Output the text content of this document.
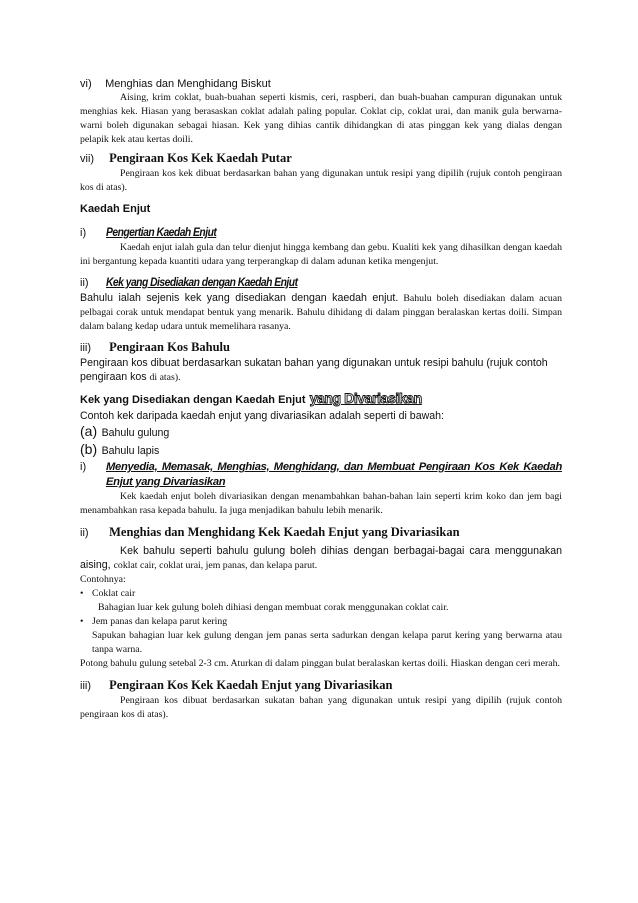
vi) Menghias dan Menghidang Biskut

Aising, krim coklat, buah-buahan seperti kismis, ceri, raspberi, dan buah-buahan campuran digunakan untuk menghias kek. Hiasan yang berasaskan coklat adalah paling popular. Coklat cip, coklat urai, dan manik gula berwarna-warni boleh digunakan sebagai hiasan. Kek yang dihias cantik dihidangkan di atas pinggan kek yang dialas dengan pelapik kek atau kertas doili.

vii) Pengiraan Kos Kek Kaedah Putar

Pengiraan kos kek dibuat berdasarkan bahan yang digunakan untuk resipi yang dipilih (rujuk contoh pengiraan kos di atas).

Kaedah Enjut
i) Pengertian Kaedah Enjut

Kaedah enjut ialah gula dan telur dienjut hingga kembang dan gebu. Kualiti kek yang dihasilkan dengan kaedah ini bergantung kepada kuantiti udara yang terperangkap di dalam adunan ketika mengenjut.

ii) Kek yang Disediakan dengan Kaedah Enjut

Bahulu ialah sejenis kek yang disediakan dengan kaedah enjut. Bahulu boleh disediakan dalam acuan pelbagai corak untuk mendapat bentuk yang menarik. Bahulu dihidang di dalam pinggan beralaskan kertas doili. Simpan dalam balang kedap udara untuk memelihara rasanya.

iii) Pengiraan Kos Bahulu

Pengiraan kos dibuat berdasarkan sukatan bahan yang digunakan untuk resipi bahulu (rujuk contoh pengiraan kos di atas).

Kek yang Disediakan dengan Kaedah Enjut yang Divariasikan
Contoh kek daripada kaedah enjut yang divariasikan adalah seperti di bawah:
(a) Bahulu gulung
(b) Bahulu lapis
i) Menyedia, Memasak, Menghias, Menghidang, dan Membuat Pengiraan Kos Kek Kaedah Enjut yang Divariasikan

Kek kaedah enjut boleh divariasikan dengan menambahkan bahan-bahan lain seperti krim koko dan jem bagi menambahkan rasa kepada bahulu. Ia juga menjadikan bahulu lebih menarik.

ii) Menghias dan Menghidang Kek Kaedah Enjut yang Divariasikan

Kek bahulu seperti bahulu gulung boleh dihias dengan berbagai-bagai cara menggunakan aising, coklat cair, coklat urai, jem panas, dan kelapa parut.

Contohnya:
• Coklat cair
Bahagian luar kek gulung boleh dihiasi dengan membuat corak menggunakan coklat cair.
• Jem panas dan kelapa parut kering
Sapukan bahagian luar kek gulung dengan jem panas serta sadurkan dengan kelapa parut kering yang berwarna atau tanpa warna.

Potong bahulu gulung setebal 2-3 cm. Aturkan di dalam pinggan bulat beralaskan kertas doili. Hiaskan dengan ceri merah.

iii) Pengiraan Kos Kek Kaedah Enjut yang Divariasikan

Pengiraan kos dibuat berdasarkan sukatan bahan yang digunakan untuk resipi yang dipilih (rujuk contoh pengiraan kos di atas).
